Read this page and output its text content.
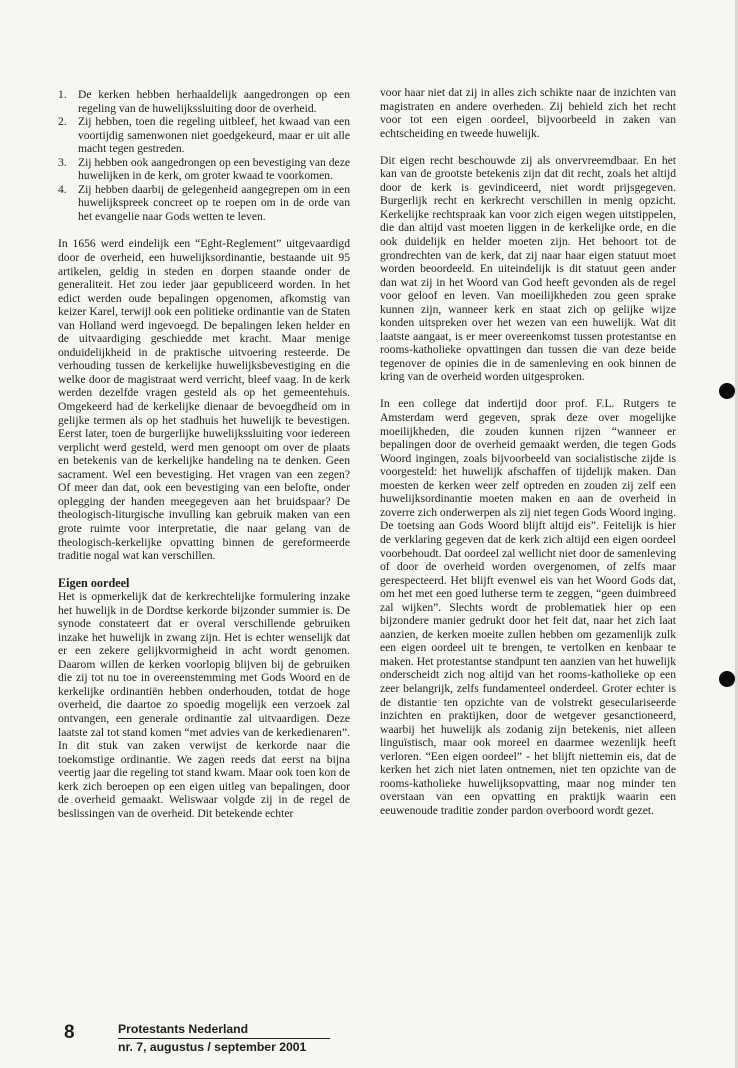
1. De kerken hebben herhaaldelijk aangedrongen op een regeling van de huwelijkssluiting door de overheid.
2. Zij hebben, toen die regeling uitbleef, het kwaad van een voortijdig samenwonen niet goedgekeurd, maar er uit alle macht tegen gestreden.
3. Zij hebben ook aangedrongen op een bevestiging van deze huwelijken in de kerk, om groter kwaad te voorkomen.
4. Zij hebben daarbij de gelegenheid aangegrepen om in een huwelijkspreek concreet op te roepen om in de orde van het evangelie naar Gods wetten te leven.

In 1656 werd eindelijk een “Eght-Reglement” uitgevaardigd door de overheid, een huwelijksordinantie, bestaande uit 95 artikelen, geldig in steden en dorpen staande onder de generaliteit. Het zou ieder jaar gepubliceerd worden. In het edict werden oude bepalingen opgenomen, afkomstig van keizer Karel, terwijl ook een politieke ordinantie van de Staten van Holland werd ingevoegd. De bepalingen leken helder en de uitvaardiging geschiedde met kracht. Maar menige onduidelijkheid in de praktische uitvoering resteerde. De verhouding tussen de kerkelijke huwelijksbevestiging en die welke door de magistraat werd verricht, bleef vaag. In de kerk werden dezelfde vragen gesteld als op het gemeentehuis. Omgekeerd had de kerkelijke dienaar de bevoegdheid om in gelijke termen als op het stadhuis het huwelijk te bevestigen. Eerst later, toen de burgerlijke huwelijkssluiting voor iedereen verplicht werd gesteld, werd men genoopt om over de plaats en betekenis van de kerkelijke handeling na te denken. Geen sacrament. Wel een bevestiging. Het vragen van een zegen? Of meer dan dat, ook een bevestiging van een belofte, onder oplegging der handen meegegeven aan het bruidspaar? De theologisch-liturgische invulling kan gebruik maken van een grote ruimte voor interpretatie, die naar gelang van de theologisch-kerkelijke opvatting binnen de gereformeerde traditie nogal wat kan verschillen.

Eigen oordeel

Het is opmerkelijk dat de kerkrechtelijke formulering inzake het huwelijk in de Dordtse kerkorde bijzonder summier is. De synode constateert dat er overal verschillende gebruiken inzake het huwelijk in zwang zijn. Het is echter wenselijk dat er een zekere gelijkvormigheid in acht wordt genomen. Daarom willen de kerken voorlopig blijven bij de gebruiken die zij tot nu toe in overeenstemming met Gods Woord en de kerkelijke ordinantiën hebben onderhouden, totdat de hoge overheid, die daartoe zo spoedig mogelijk een verzoek zal ontvangen, een generale ordinantie zal uitvaardigen. Deze laatste zal tot stand komen “met advies van de kerkedienaren”. In dit stuk van zaken verwijst de kerkorde naar die toekomstige ordinantie. We zagen reeds dat eerst na bijna veertig jaar die regeling tot stand kwam. Maar ook toen kon de kerk zich beroepen op een eigen uitleg van bepalingen, door de overheid gemaakt. Weliswaar volgde zij in de regel de beslissingen van de overheid. Dit betekende echter

voor haar niet dat zij in alles zich schikte naar de inzichten van magistraten en andere overheden. Zij behield zich het recht voor tot een eigen oordeel, bijvoorbeeld in zaken van echtscheiding en tweede huwelijk.

Dit eigen recht beschouwde zij als onvervreemdbaar. En het kan van de grootste betekenis zijn dat dit recht, zoals het altijd door de kerk is gevindiceerd, niet wordt prijsgegeven. Burgerlijk recht en kerkrecht verschillen in menig opzicht. Kerkelijke rechtspraak kan voor zich eigen wegen uitstippelen, die dan altijd vast moeten liggen in de kerkelijke orde, en die ook duidelijk en helder moeten zijn. Het behoort tot de grondrechten van de kerk, dat zij naar haar eigen statuut moet worden beoordeeld. En uiteindelijk is dit statuut geen ander dan wat zij in het Woord van God heeft gevonden als de regel voor geloof en leven. Van moeilijkheden zou geen sprake kunnen zijn, wanneer kerk en staat zich op gelijke wijze konden uitspreken over het wezen van een huwelijk. Wat dit laatste aangaat, is er meer overeenkomst tussen protestantse en rooms-katholieke opvattingen dan tussen die van deze beide tegenover de opinies die in de samenleving en ook binnen de kring van de overheid worden uitgesproken.

In een college dat indertijd door prof. F.L. Rutgers te Amsterdam werd gegeven, sprak deze over mogelijke moeilijkheden, die zouden kunnen rijzen “wanneer er bepalingen door de overheid gemaakt werden, die tegen Gods Woord ingingen, zoals bijvoorbeeld van socialistische zijde is voorgesteld: het huwelijk afschaffen of tijdelijk maken. Dan moesten de kerken weer zelf optreden en zouden zij zelf een huwelijksordinantie moeten maken en aan de overheid in zoverre zich onderwerpen als zij niet tegen Gods Woord inging. De toetsing aan Gods Woord blijft altijd eis”. Feitelijk is hier de verklaring gegeven dat de kerk zich altijd een eigen oordeel voorbehoudt. Dat oordeel zal wellicht niet door de samenleving of door de overheid worden overgenomen, of zelfs maar gerespecteerd. Het blijft evenwel eis van het Woord Gods dat, om het met een goed lutherse term te zeggen, “geen duimbreed zal wijken”. Slechts wordt de problematiek hier op een bijzondere manier gedrukt door het feit dat, naar het zich laat aanzien, de kerken moeite zullen hebben om gezamenlijk zulk een eigen oordeel uit te brengen, te vertolken en kenbaar te maken. Het protestantse standpunt ten aanzien van het huwelijk onderscheidt zich nog altijd van het rooms-katholieke op een zeer belangrijk, zelfs fundamenteel onderdeel. Groter echter is de distantie ten opzichte van de volstrekt geseculariseerde inzichten en praktijken, door de wetgever gesanctioneerd, waarbij het huwelijk als zodanig zijn betekenis, niet alleen linguïstisch, maar ook moreel en daarmee wezenlijk heeft verloren. “Een eigen oordeel” - het blijft niettemin eis, dat de kerken het zich niet laten ontnemen, niet ten opzichte van de rooms-katholieke huwelijksopvatting, maar nog minder ten overstaan van een opvatting en praktijk waarin een eeuwenoude traditie zonder pardon overboord wordt gezet.

8	Protestants Nederland
nr. 7, augustus / september 2001
